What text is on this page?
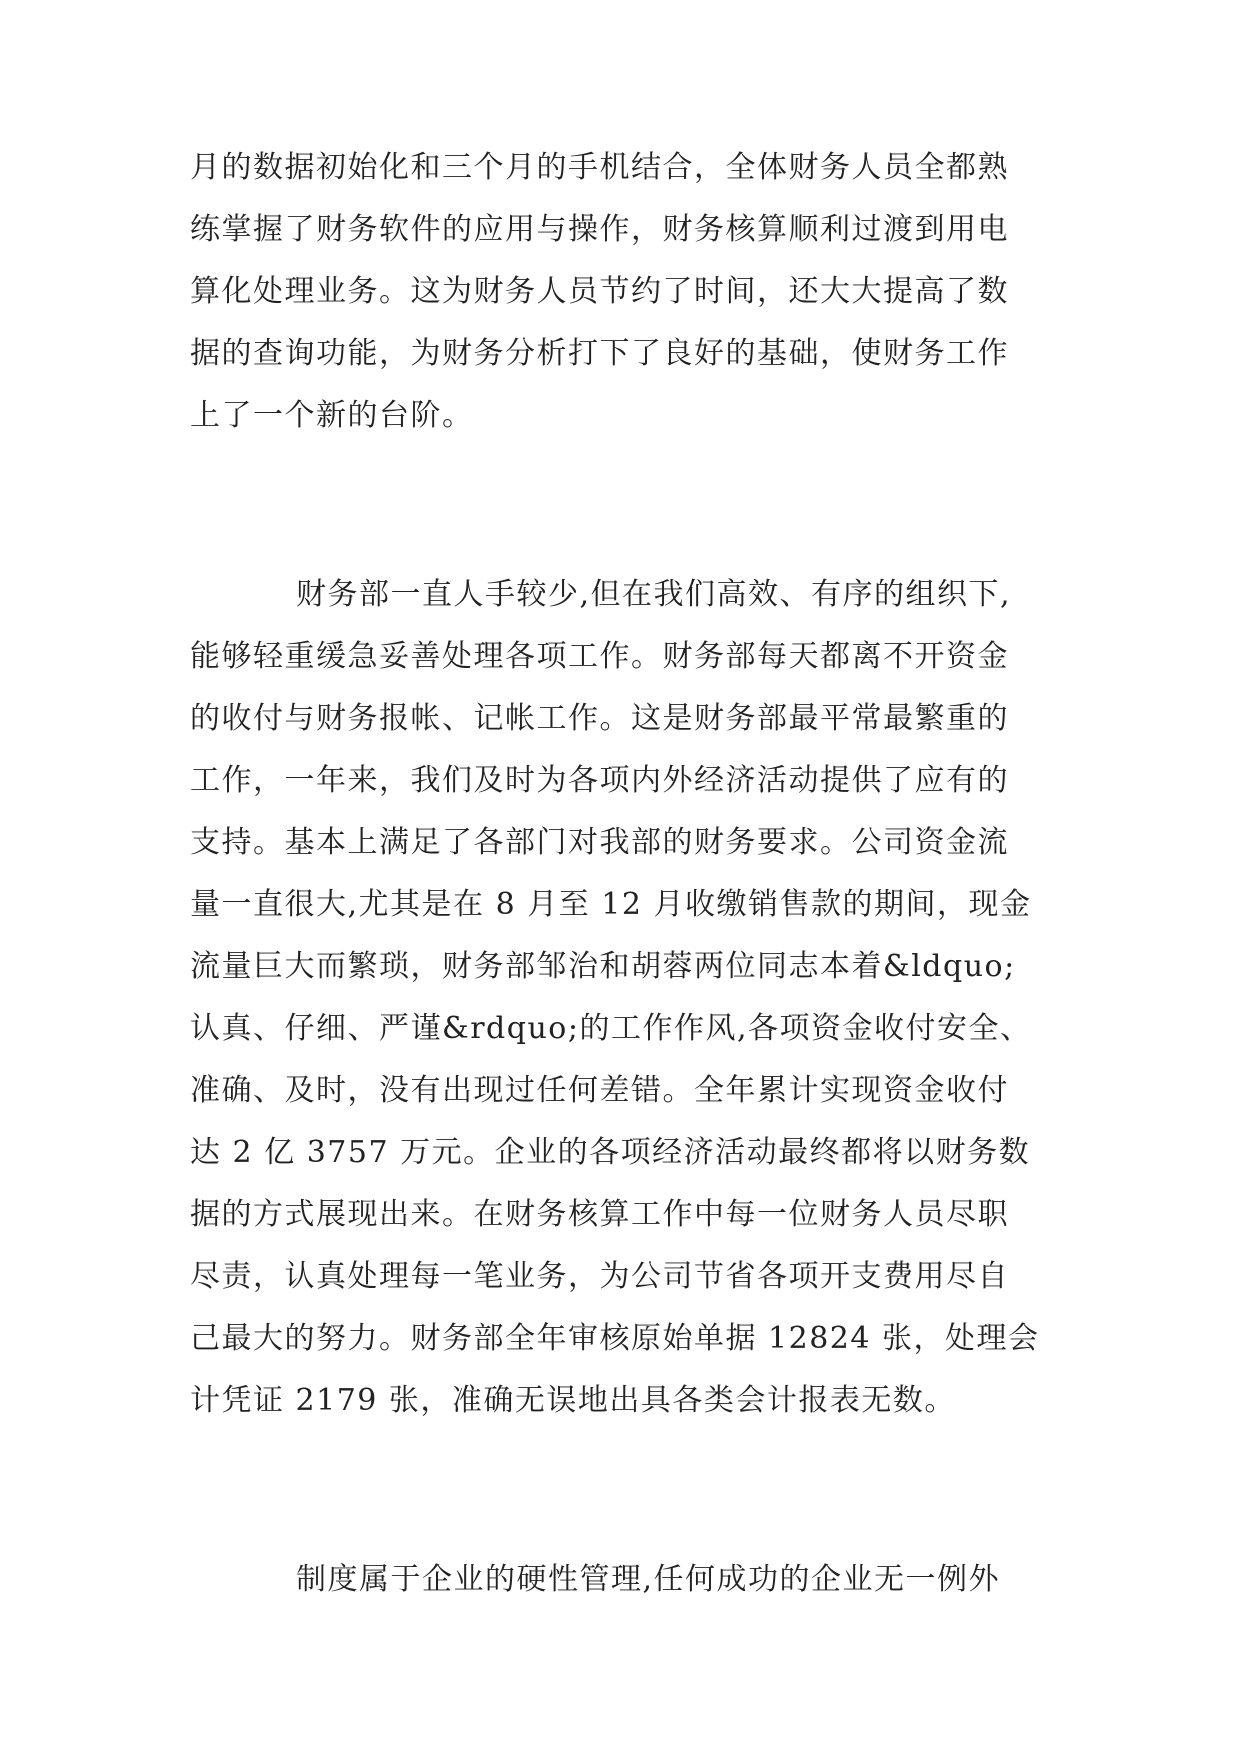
月的数据初始化和三个月的手机结合，全体财务人员全都熟
练掌握了财务软件的应用与操作，财务核算顺利过渡到用电
算化处理业务。这为财务人员节约了时间，还大大提高了数
据的查询功能，为财务分析打下了良好的基础，使财务工作
上了一个新的台阶。
财务部一直人手较少,但在我们高效、有序的组织下,
能够轻重缓急妥善处理各项工作。财务部每天都离不开资金
的收付与财务报帐、记帐工作。这是财务部最平常最繁重的
工作，一年来，我们及时为各项内外经济活动提供了应有的
支持。基本上满足了各部门对我部的财务要求。公司资金流
量一直很大,尤其是在 8 月至 12 月收缴销售款的期间，现金
流量巨大而繁琐，财务部邹治和胡蓉两位同志本着&ldquo;
认真、仔细、严谨&rdquo;的工作作风,各项资金收付安全、
准确、及时，没有出现过任何差错。全年累计实现资金收付
达 2 亿 3757 万元。企业的各项经济活动最终都将以财务数
据的方式展现出来。在财务核算工作中每一位财务人员尽职
尽责，认真处理每一笔业务，为公司节省各项开支费用尽自
己最大的努力。财务部全年审核原始单据 12824 张，处理会
计凭证 2179 张，准确无误地出具各类会计报表无数。
制度属于企业的硬性管理,任何成功的企业无一例外
